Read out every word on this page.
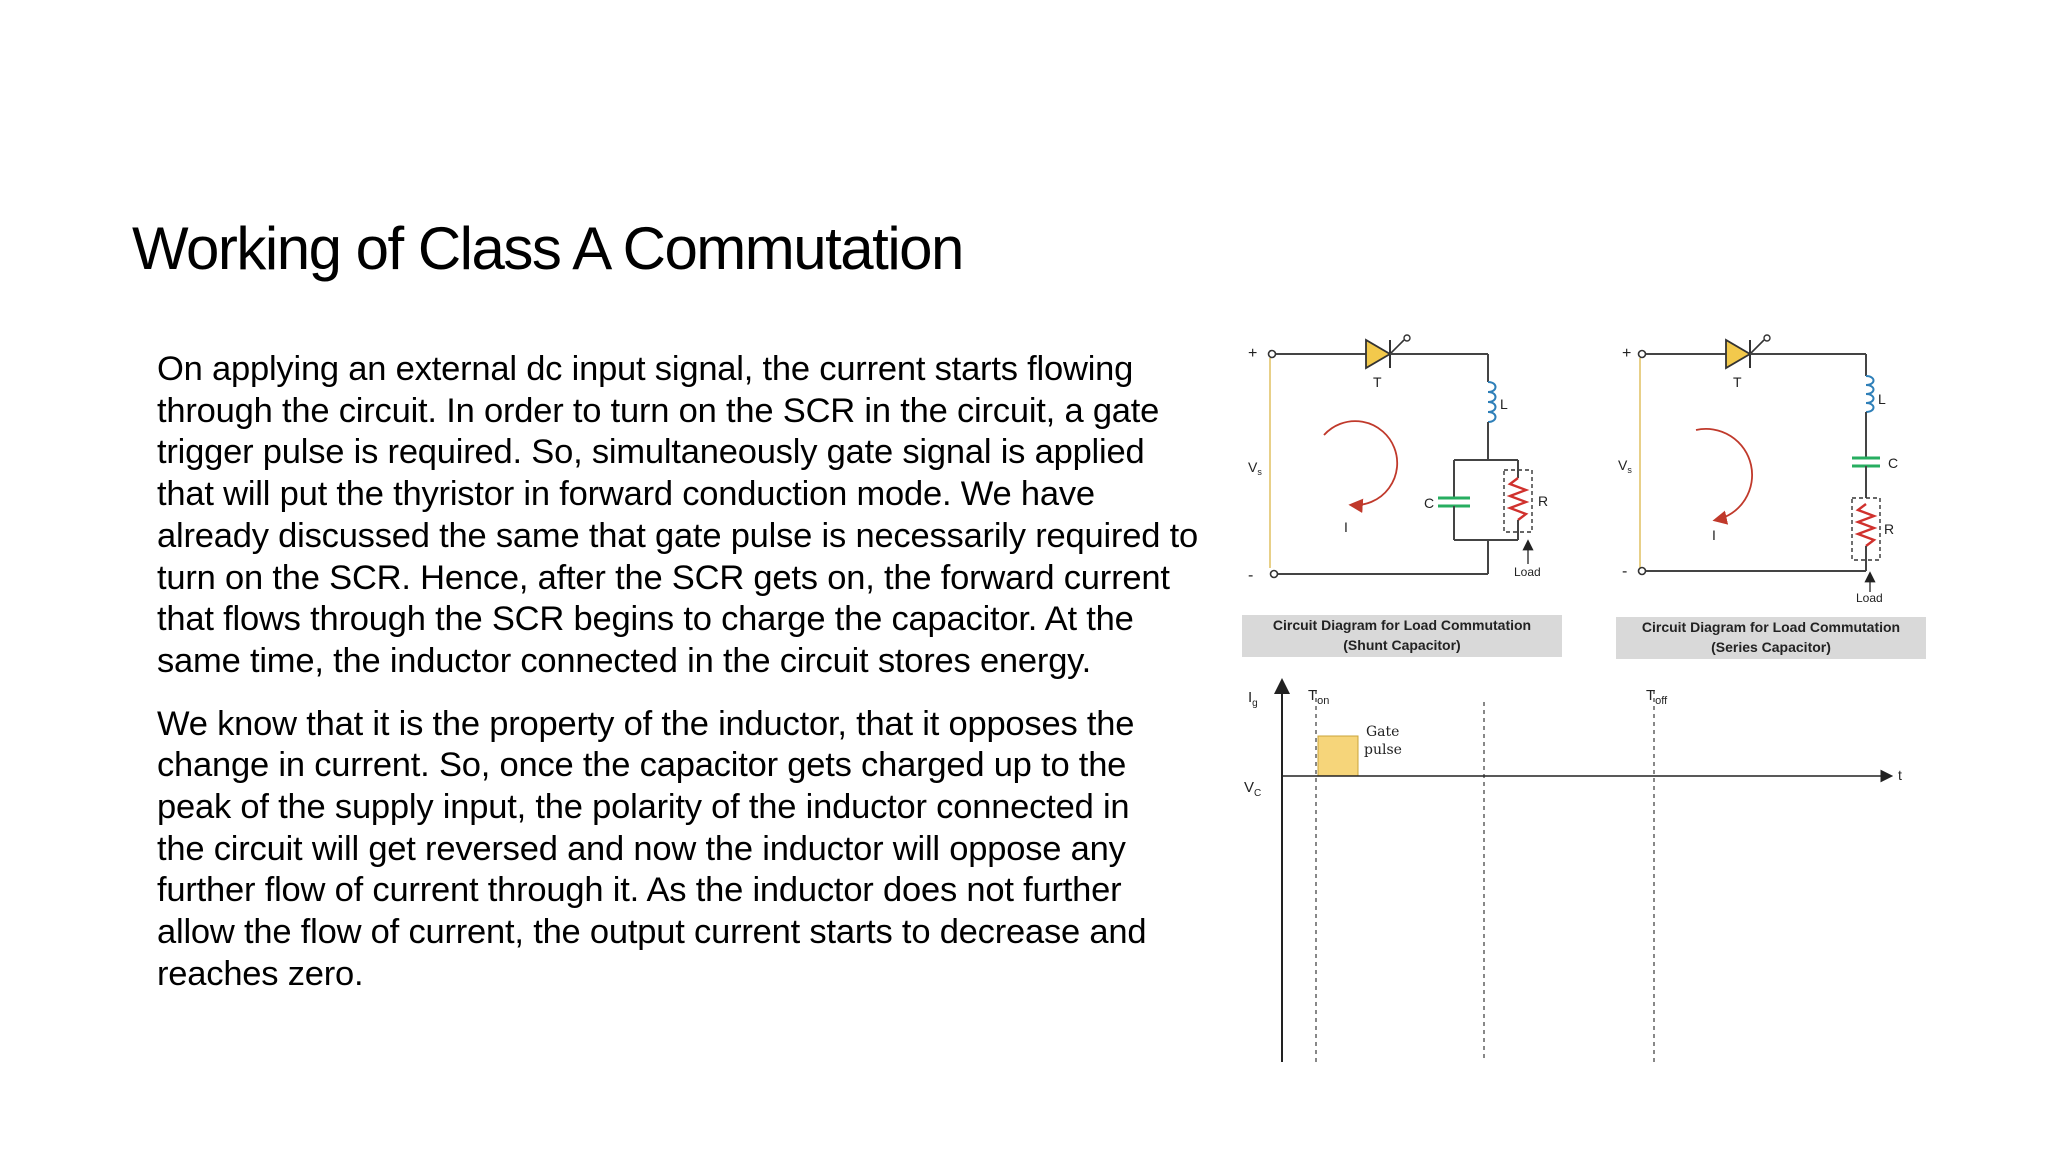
Working of Class A Commutation

On applying an external dc input signal, the current starts flowing
through the circuit. In order to turn on the SCR in the circuit, a gate
trigger pulse is required. So, simultaneously gate signal is applied
that will put the thyristor in forward conduction mode. We have
already discussed the same that gate pulse is necessarily required to
turn on the SCR. Hence, after the SCR gets on, the forward current
that flows through the SCR begins to charge the capacitor. At the
same time, the inductor connected in the circuit stores energy.

We know that it is the property of the inductor, that it opposes the
change in current. So, once the capacitor gets charged up to the
peak of the supply input, the polarity of the inductor connected in
the circuit will get reversed and now the inductor will oppose any
further flow of current through it. As the inductor does not further
allow the flow of current, the output current starts to decrease and
reaches zero.

+
$V_s$
-
T
L
C	R
Load
I
Circuit Diagram for Load Commutation
(Shunt Capacitor)
+
$V_s$
-
T
L
C
R
Load
I
Circuit Diagram for Load Commutation
(Series Capacitor)
$T_{on}$	$T_{off}$
$I_g$
Gate
pulse
t
$V_C$
